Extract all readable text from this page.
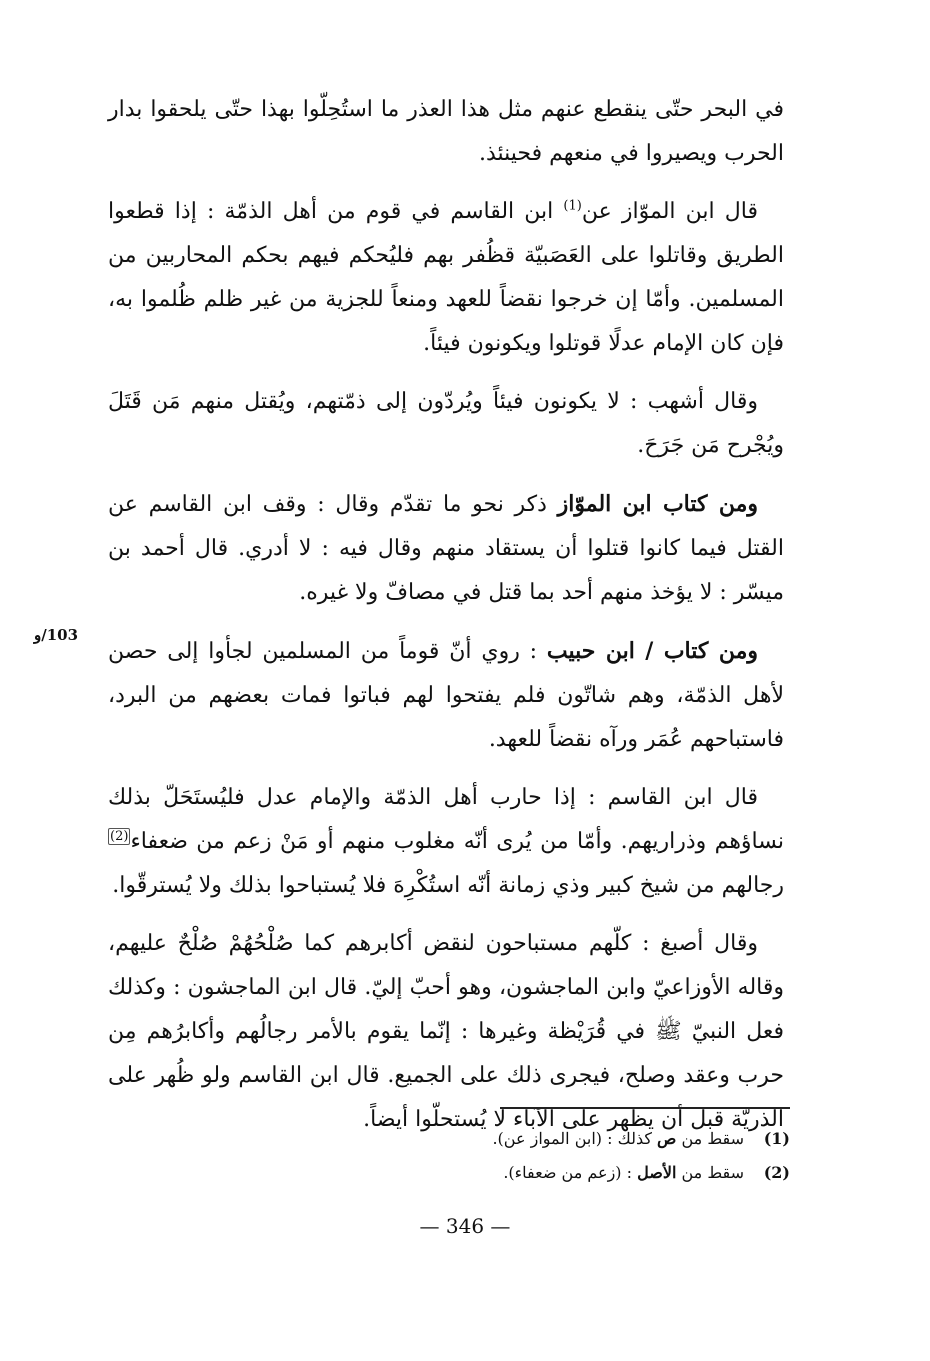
في البحر حتّى ينقطع عنهم مثل هذا العذر ما استُحِلّوا بهذا حتّى يلحقوا بدار الحرب ويصيروا في منعهم فحينئذ.

قال ابن الموّاز عن$^{(1)}$ ابن القاسم في قوم من أهل الذمّة : إذا قطعوا الطريق وقاتلوا على العَصَبيّة قظُفر بهم فليُحكم فيهم بحكم المحاربين من المسلمين. وأمّا إن خرجوا نقضاً للعهد ومنعاً للجزية من غير ظلم ظُلموا به، فإن كان الإمام عدلًا قوتلوا ويكونون فيئاً.

وقال أشهب : لا يكونون فيئاً ويُردّون إلى ذمّتهم، ويُقتل منهم مَن قَتَلَ ويُجْرح مَن جَرَحَ.

ومن كتاب ابن الموّاز ذكر نحو ما تقدّم وقال : وقف ابن القاسم عن القتل فيما كانوا قتلوا أن يستقاد منهم وقال فيه : لا أدري. قال أحمد بن ميسّر : لا يؤخذ منهم أحد بما قتل في مصافّ ولا غيره.

ومن كتاب / ابن حبيب : روي أنّ قوماً من المسلمين لجأوا إلى حصن لأهل الذمّة، وهم شاتّون فلم يفتحوا لهم فباتوا فمات بعضهم من البرد، فاستباحهم عُمَر ورآه نقضاً للعهد.

قال ابن القاسم : إذا حارب أهل الذمّة والإمام عدل فليُستَحَلّ بذلك نساؤهم وذراريهم. وأمّا من يُرى أنّه مغلوب منهم أو مَنْ زعم من ضعفاء$^{(2)}$ رجالهم من شيخ كبير وذي زمانة أنّه استُكْرِهَ فلا يُستباحوا بذلك ولا يُسترقّوا.

وقال أصبغ : كلّهم مستباحون لنقض أكابرهم كما صُلْحُهُمْ صُلْحٌ عليهم، وقاله الأوزاعيّ وابن الماجشون، وهو أحبّ إليّ. قال ابن الماجشون : وكذلك فعل النبيّ ﷺ في قُرَيْظة وغيرها : إنّما يقوم بالأمر رجالُهم وأكابرُهم مِن حرب وعقد وصلح، فيجرى ذلك على الجميع. قال ابن القاسم ولو ظُهر على الذريّة قبل أن يظهر على الآباء لا يُستحلّوا أيضاً.

103/و
(1)
سقط من ص كذلك : (ابن المواز عن).
(2)
سقط من الأصل : (زعم من ضعفاء).
— 346 —
